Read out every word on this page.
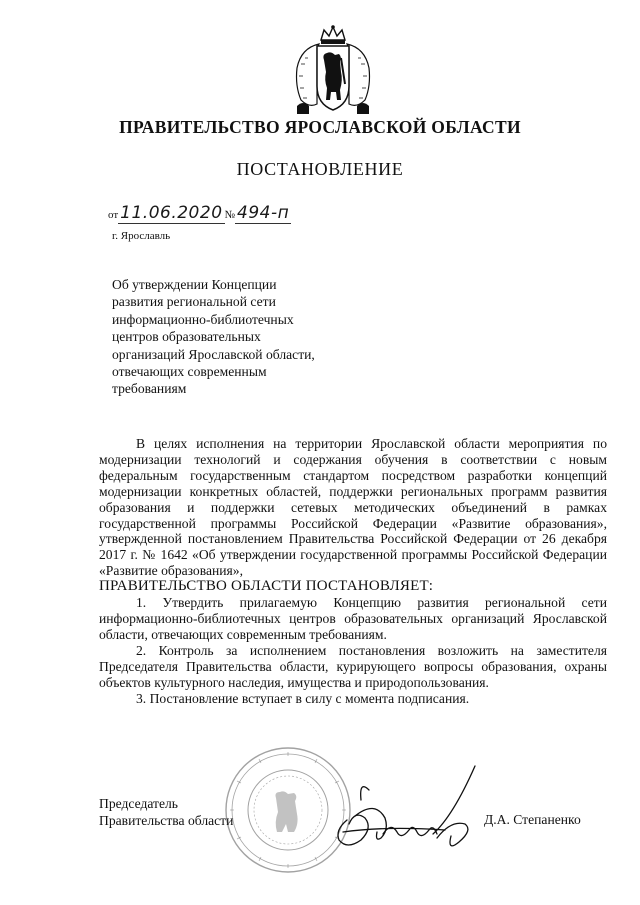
ПРАВИТЕЛЬСТВО ЯРОСЛАВСКОЙ ОБЛАСТИ
ПОСТАНОВЛЕНИЕ
от 11.06.2020 № 494-п
г. Ярославль
Об утверждении Концепции
развития региональной сети
информационно-библиотечных
центров образовательных
организаций Ярославской области,
отвечающих современным
требованиям

В целях исполнения на территории Ярославской области мероприятия по модернизации технологий и содержания обучения в соответствии с новым федеральным государственным стандартом посредством разработки концепций модернизации конкретных областей, поддержки региональных программ развития образования и поддержки сетевых методических объединений в рамках государственной программы Российской Федерации «Развитие образования», утвержденной постановлением Правительства Российской Федерации от 26 декабря 2017 г. № 1642 «Об утверждении государственной программы Российской Федерации «Развитие образования»,

ПРАВИТЕЛЬСТВО ОБЛАСТИ ПОСТАНОВЛЯЕТ:

1. Утвердить прилагаемую Концепцию развития региональной сети информационно-библиотечных центров образовательных организаций Ярославской области, отвечающих современным требованиям.

2. Контроль за исполнением постановления возложить на заместителя Председателя Правительства области, курирующего вопросы образования, охраны объектов культурного наследия, имущества и природопользования.

3. Постановление вступает в силу с момента подписания.

Председатель
Правительства области	Д.А. Степаненко
